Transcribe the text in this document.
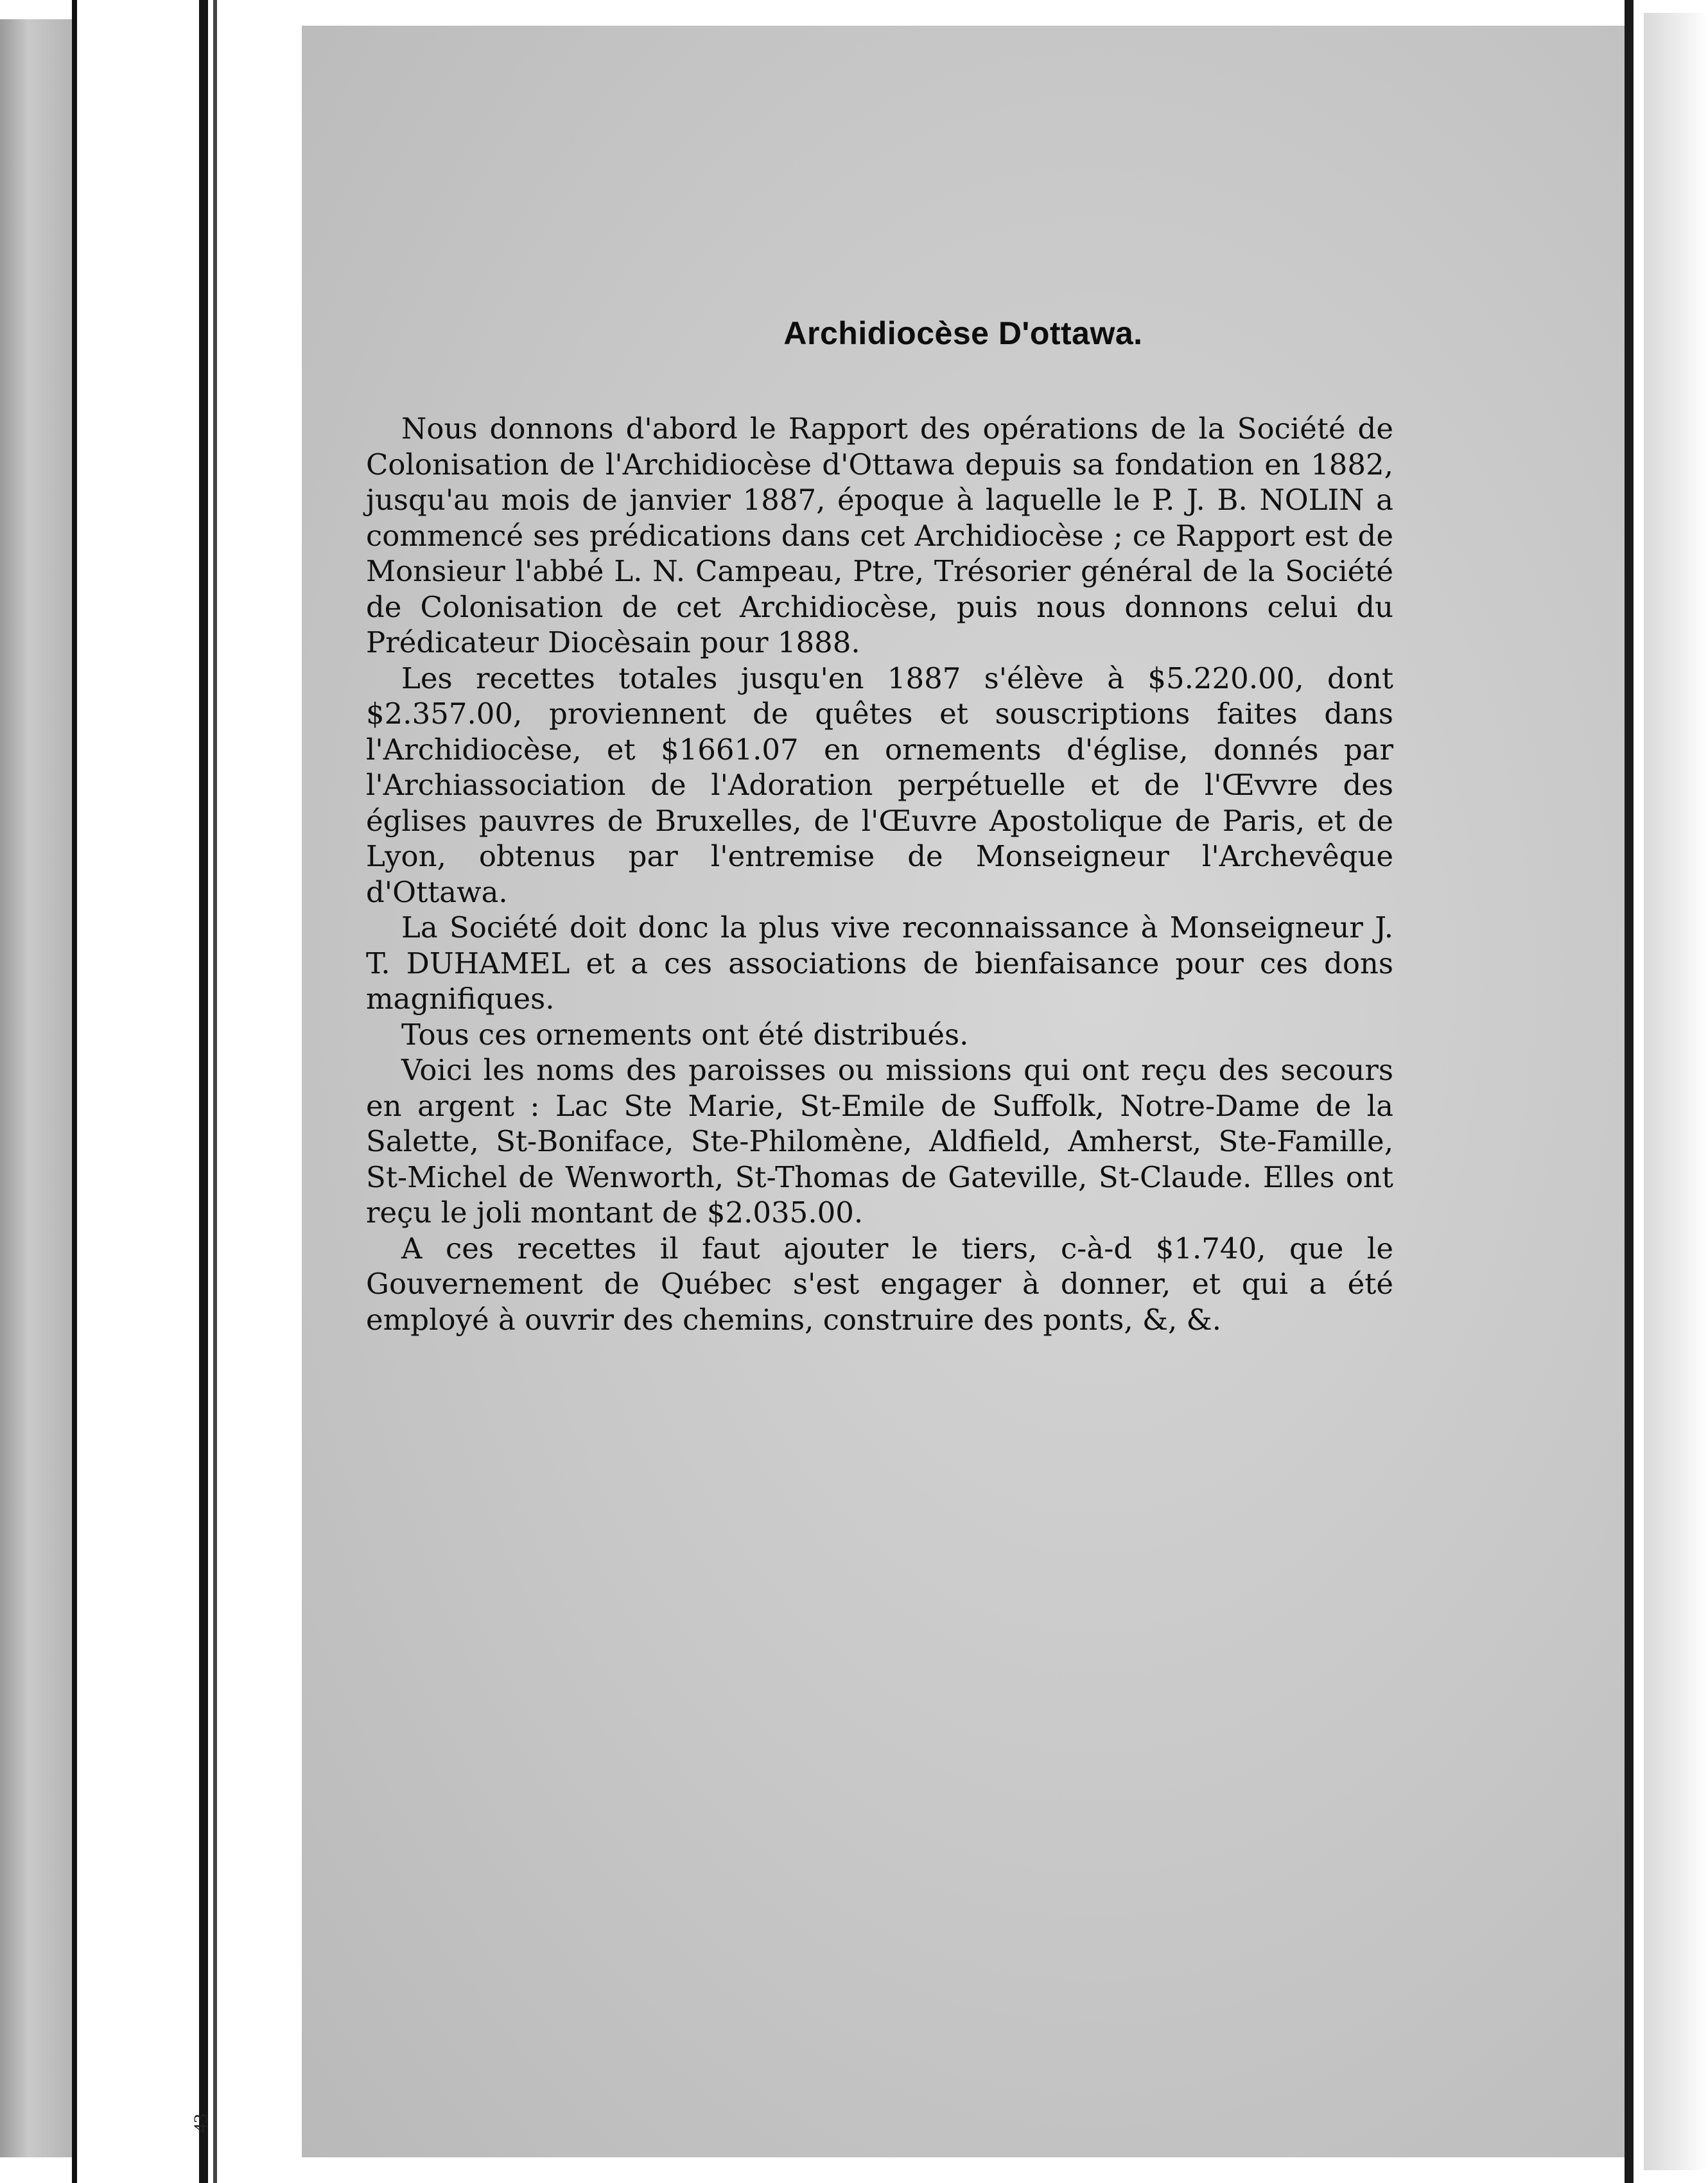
43
Archidiocèse D'ottawa.

Nous donnons d'abord le Rapport des opérations de la Société de Colonisation de l'Archidiocèse d'Ottawa depuis sa fondation en 1882, jusqu'au mois de janvier 1887, époque à laquelle le P. J. B. NOLIN a commencé ses prédications dans cet Archidiocèse ; ce Rapport est de Monsieur l'abbé L. N. Campeau, Ptre, Trésorier général de la Société de Colonisation de cet Archidiocèse, puis nous donnons celui du Prédicateur Diocèsain pour 1888.

Les recettes totales jusqu'en 1887 s'élève à $5.220.00, dont $2.357.00, proviennent de quêtes et souscriptions faites dans l'Archidiocèse, et $1661.07 en ornements d'église, donnés par l'Archiassociation de l'Adoration perpétuelle et de l'Œvvre des églises pauvres de Bruxelles, de l'Œuvre Apostolique de Paris, et de Lyon, obtenus par l'entremise de Monseigneur l'Archevêque d'Ottawa.

La Société doit donc la plus vive reconnaissance à Monseigneur J. T. DUHAMEL et a ces associations de bienfaisance pour ces dons magnifiques.

Tous ces ornements ont été distribués.

Voici les noms des paroisses ou missions qui ont reçu des secours en argent : Lac Ste Marie, St-Emile de Suffolk, Notre-Dame de la Salette, St-Boniface, Ste-Philomène, Aldfield, Amherst, Ste-Famille, St-Michel de Wenworth, St-Thomas de Gateville, St-Claude. Elles ont reçu le joli montant de $2.035.00.

A ces recettes il faut ajouter le tiers, c-à-d $1.740, que le Gouvernement de Québec s'est engager à donner, et qui a été employé à ouvrir des chemins, construire des ponts, &, &.
